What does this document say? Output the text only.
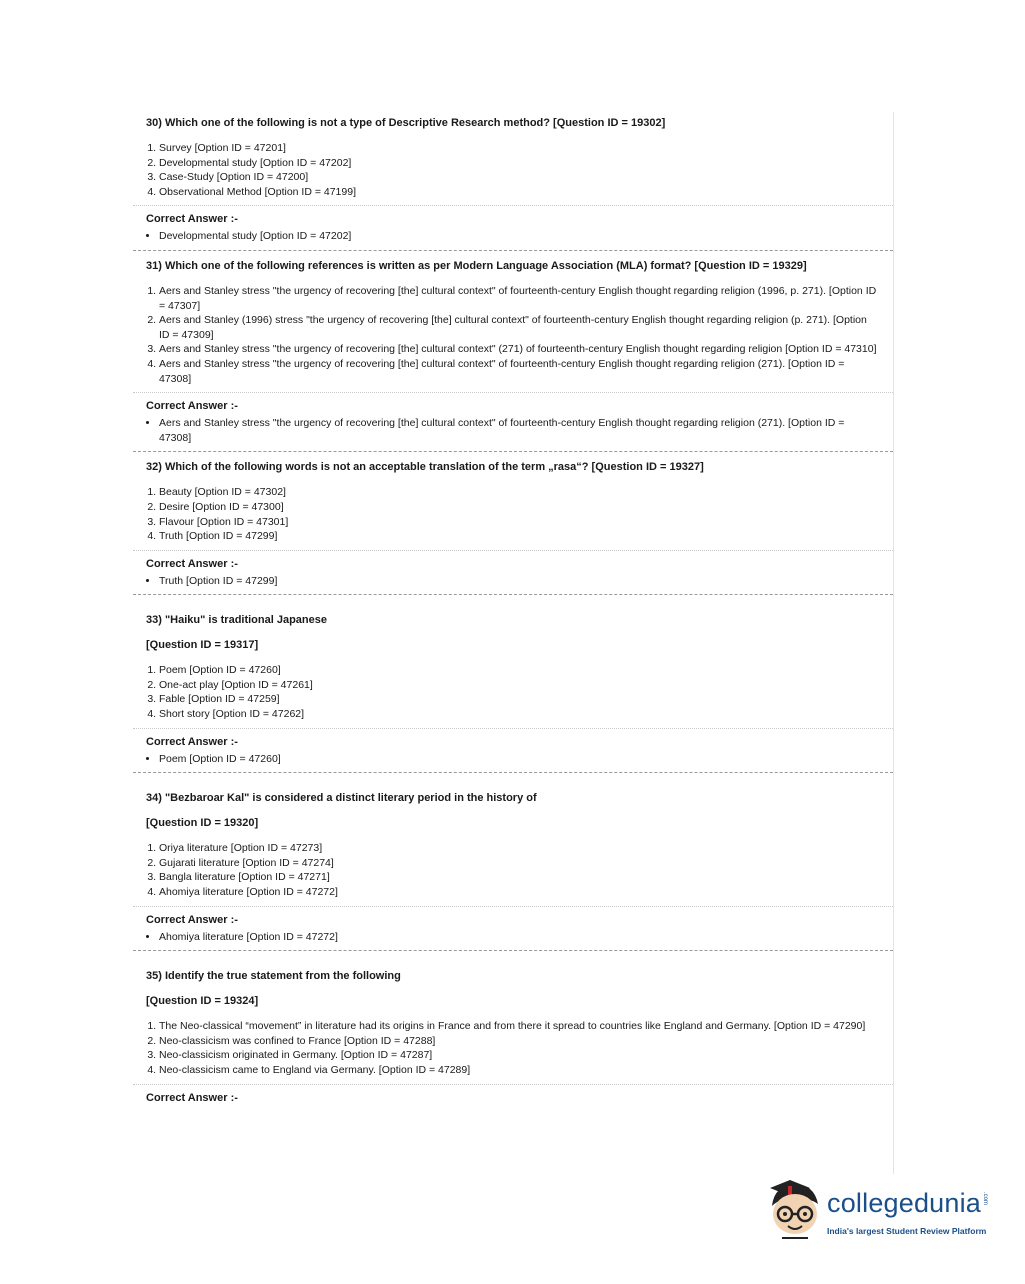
30) Which one of the following is not a type of Descriptive Research method? [Question ID = 19302]

1. Survey [Option ID = 47201]
2. Developmental study [Option ID = 47202]
3. Case-Study [Option ID = 47200]
4. Observational Method [Option ID = 47199]

Correct Answer :-

• Developmental study [Option ID = 47202]

31) Which one of the following references is written as per Modern Language Association (MLA) format? [Question ID = 19329]

1. Aers and Stanley stress "the urgency of recovering [the] cultural context" of fourteenth-century English thought regarding religion (1996, p. 271). [Option ID = 47307]
2. Aers and Stanley (1996) stress "the urgency of recovering [the] cultural context" of fourteenth-century English thought regarding religion (p. 271). [Option ID = 47309]
3. Aers and Stanley stress "the urgency of recovering [the] cultural context" (271) of fourteenth-century English thought regarding religion [Option ID = 47310]
4. Aers and Stanley stress "the urgency of recovering [the] cultural context" of fourteenth-century English thought regarding religion (271). [Option ID = 47308]

Correct Answer :-

• Aers and Stanley stress "the urgency of recovering [the] cultural context" of fourteenth-century English thought regarding religion (271). [Option ID = 47308]

32) Which of the following words is not an acceptable translation of the term „rasa“? [Question ID = 19327]

1. Beauty [Option ID = 47302]
2. Desire [Option ID = 47300]
3. Flavour [Option ID = 47301]
4. Truth [Option ID = 47299]

Correct Answer :-

• Truth [Option ID = 47299]

33) "Haiku" is traditional Japanese

[Question ID = 19317]

1. Poem [Option ID = 47260]
2. One-act play [Option ID = 47261]
3. Fable [Option ID = 47259]
4. Short story [Option ID = 47262]

Correct Answer :-

• Poem [Option ID = 47260]

34) "Bezbaroar Kal" is considered a distinct literary period in the history of

[Question ID = 19320]

1. Oriya literature [Option ID = 47273]
2. Gujarati literature [Option ID = 47274]
3. Bangla literature [Option ID = 47271]
4. Ahomiya literature [Option ID = 47272]

Correct Answer :-

• Ahomiya literature [Option ID = 47272]

35) Identify the true statement from the following

[Question ID = 19324]

1. The Neo-classical “movement” in literature had its origins in France and from there it spread to countries like England and Germany. [Option ID = 47290]
2. Neo-classicism was confined to France [Option ID = 47288]
3. Neo-classicism originated in Germany. [Option ID = 47287]
4. Neo-classicism came to England via Germany. [Option ID = 47289]

Correct Answer :-

collegedunia .com
India's largest Student Review Platform
